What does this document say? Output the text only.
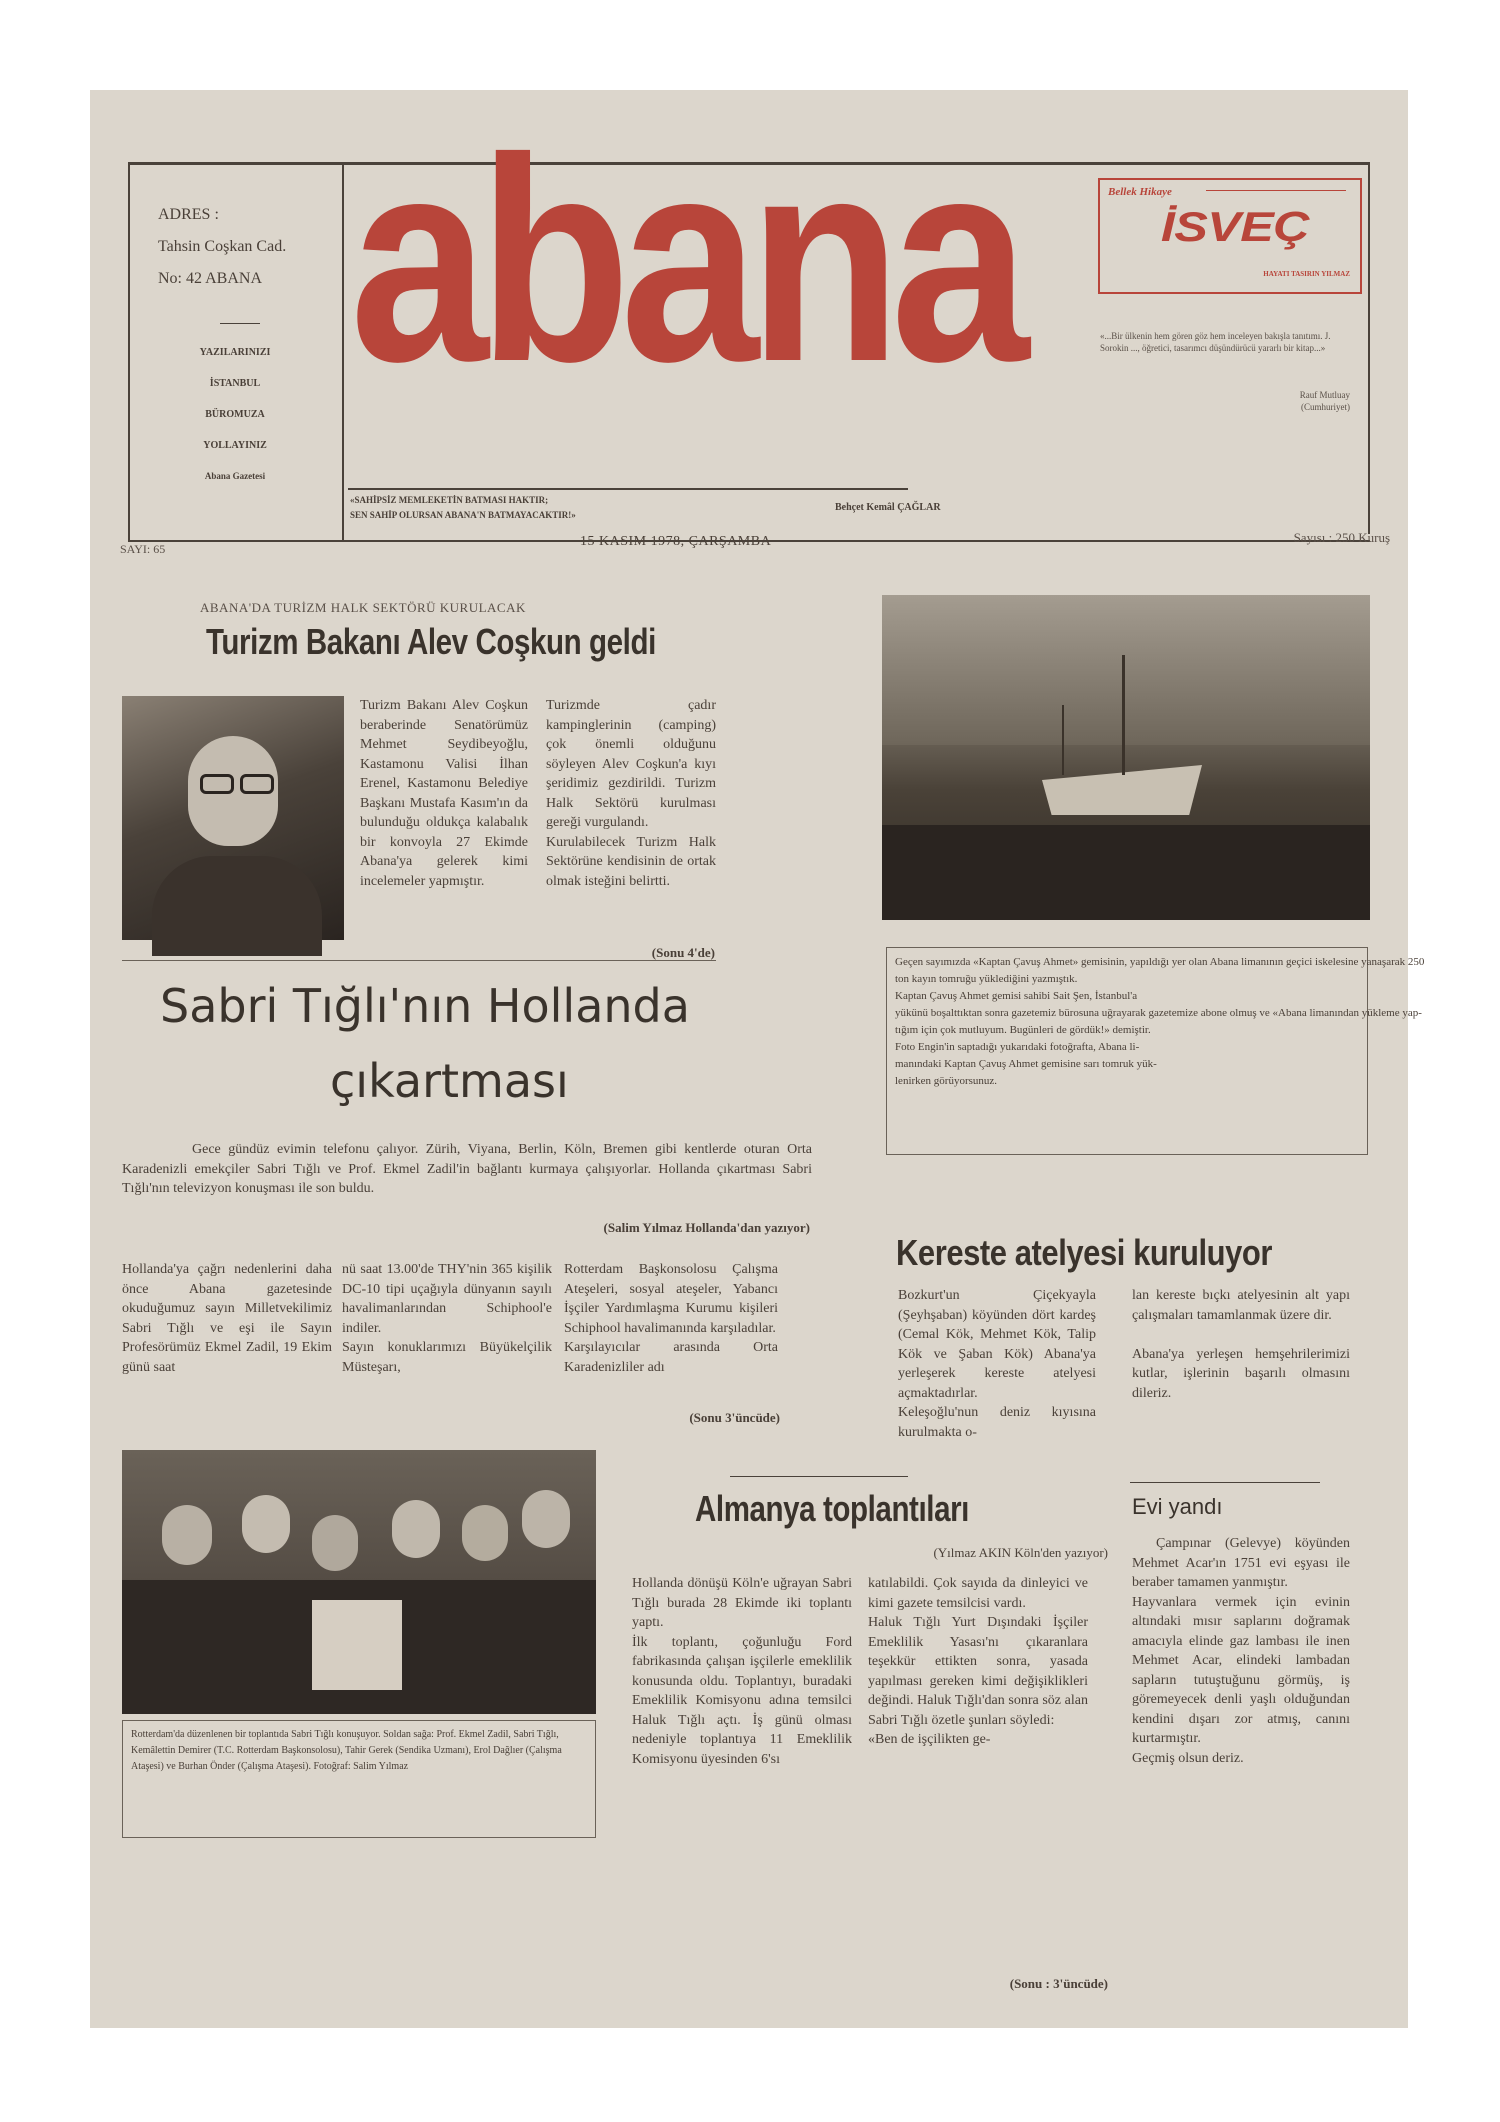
ADRES :
Tahsin Coşkan Cad.
No: 42 ABANA
YAZILARINIZI
İSTANBUL
BÜROMUZA
YOLLAYINIZ
Abana Gazetesi
abana
«SAHİPSİZ MEMLEKETİN BATMASI HAKTIR;
SEN SAHİP OLURSAN ABANA'N BATMAYACAKTIR!»
Behçet Kemâl ÇAĞLAR
Bellek Hikaye
İSVEÇ
HAYATI TASIRIN YILMAZ
«...Bir ülkenin hem gören göz hem inceleyen bakışla tanıtımı. J. Sorokin ..., öğretici, tasarımcı düşündürücü yararlı bir kitap...»
Rauf Mutluay
(Cumhuriyet)
SAYI: 65	15 KASIM 1978, ÇARŞAMBA	Sayısı : 250 Kuruş
ABANA'DA TURİZM HALK SEKTÖRÜ KURULACAK
Turizm Bakanı Alev Coşkun geldi
Turizm Bakanı Alev Coşkun beraberinde Senatörümüz Mehmet Seydibeyoğlu, Kastamonu Valisi İlhan Erenel, Kastamonu Belediye Başkanı Mustafa Kasım'ın da bulunduğu oldukça kalabalık bir konvoyla 27 Ekimde Abana'ya gelerek kimi incelemeler yapmıştır.
Turizmde çadır kampinglerinin (camping) çok önemli olduğunu söyleyen Alev Coşkun'a kıyı şeridimiz gezdirildi. Turizm Halk Sektörü kurulması gereği vurgulandı.
Kurulabilecek Turizm Halk Sektörüne kendisinin de ortak olmak isteğini belirtti.
(Sonu 4'de)
Geçen sayımızda «Kaptan Çavuş Ahmet» gemisinin, yapıldığı yer olan Abana limanının geçici iskelesine yanaşarak 250
ton kayın tomruğu yüklediğini yazmıştık.
Kaptan Çavuş Ahmet gemisi sahibi Sait Şen, İstanbul'a
yükünü boşalttıktan sonra gazetemiz bürosuna uğrayarak gazetemize abone olmuş ve «Abana limanından yükleme yap-
tığım için çok mutluyum. Bugünleri de gördük!» demiştir.
Foto Engin'in saptadığı yukarıdaki fotoğrafta, Abana li-
manındaki Kaptan Çavuş Ahmet gemisine sarı tomruk yük-
lenirken görüyorsunuz.
Sabri Tığlı'nın Hollanda
çıkartması
Gece gündüz evimin telefonu çalıyor. Zürih, Viyana, Berlin, Köln, Bremen gibi kentlerde oturan Orta Karadenizli emekçiler Sabri Tığlı ve Prof. Ekmel Zadil'in bağlantı kurmaya çalışıyorlar. Hollanda çıkartması Sabri Tığlı'nın televizyon konuşması ile son buldu.
(Salim Yılmaz Hollanda'dan yazıyor)
Hollanda'ya çağrı nedenlerini daha önce Abana gazetesinde okuduğumuz sayın Milletvekilimiz Sabri Tığlı ve eşi ile Sayın Profesörümüz Ekmel Zadil, 19 Ekim günü saat
nü saat 13.00'de THY'nin 365 kişilik DC-10 tipi uçağıyla dünyanın sayılı havalimanlarından Schiphool'e indiler.
Sayın konuklarımızı Büyükelçilik Müsteşarı,
Rotterdam Başkonsolosu Çalışma Ateşeleri, sosyal ateşeler, Yabancı İşçiler Yardımlaşma Kurumu kişileri Schiphool havalimanında karşıladılar.
Karşılayıcılar arasında Orta Karadenizliler adı
(Sonu 3'üncüde)
Rotterdam'da düzenlenen bir toplantıda Sabri Tığlı konuşuyor. Soldan sağa: Prof. Ekmel Zadil, Sabri Tığlı, Kemâlettin Demirer (T.C. Rotterdam Başkonsolosu), Tahir Gerek (Sendika Uzmanı), Erol Dağlıer (Çalışma Ataşesi) ve Burhan Önder (Çalışma Ataşesi). Fotoğraf: Salim Yılmaz
Kereste atelyesi kuruluyor
Bozkurt'un Çiçekyayla (Şeyhşaban) köyünden dört kardeş (Cemal Kök, Mehmet Kök, Talip Kök ve Şaban Kök) Abana'ya yerleşerek kereste atelyesi açmaktadırlar.
Keleşoğlu'nun deniz kıyısına kurulmakta o-
lan kereste bıçkı atelyesinin alt yapı çalışmaları tamamlanmak üzere dir.

Abana'ya yerleşen hemşehrilerimizi kutlar, işlerinin başarılı olmasını dileriz.
Almanya toplantıları
(Yılmaz AKIN Köln'den yazıyor)
Hollanda dönüşü Köln'e uğrayan Sabri Tığlı burada 28 Ekimde iki toplantı yaptı.
İlk toplantı, çoğunluğu Ford fabrikasında çalışan işçilerle emeklilik konusunda oldu. Toplantıyı, buradaki Emeklilik Komisyonu adına temsilci Haluk Tığlı açtı. İş günü olması nedeniyle toplantıya 11 Emeklilik Komisyonu üyesinden 6'sı
katılabildi. Çok sayıda da dinleyici ve kimi gazete temsilcisi vardı.
Haluk Tığlı Yurt Dışındaki İşçiler Emeklilik Yasası'nı çıkaranlara teşekkür ettikten sonra, yasada yapılması gereken kimi değişiklikleri değindi. Haluk Tığlı'dan sonra söz alan Sabri Tığlı özetle şunları söyledi:
«Ben de işçilikten ge-
(Sonu : 3'üncüde)
Evi yandı
Çampınar (Gelevye) köyünden Mehmet Acar'ın 1751 evi eşyası ile beraber tamamen yanmıştır.
Hayvanlara vermek için evinin altındaki mısır saplarını doğramak amacıyla elinde gaz lambası ile inen Mehmet Acar, elindeki lambadan sapların tutuştuğunu görmüş, iş göremeyecek denli yaşlı olduğundan kendini dışarı zor atmış, canını kurtarmıştır.
Geçmiş olsun deriz.
